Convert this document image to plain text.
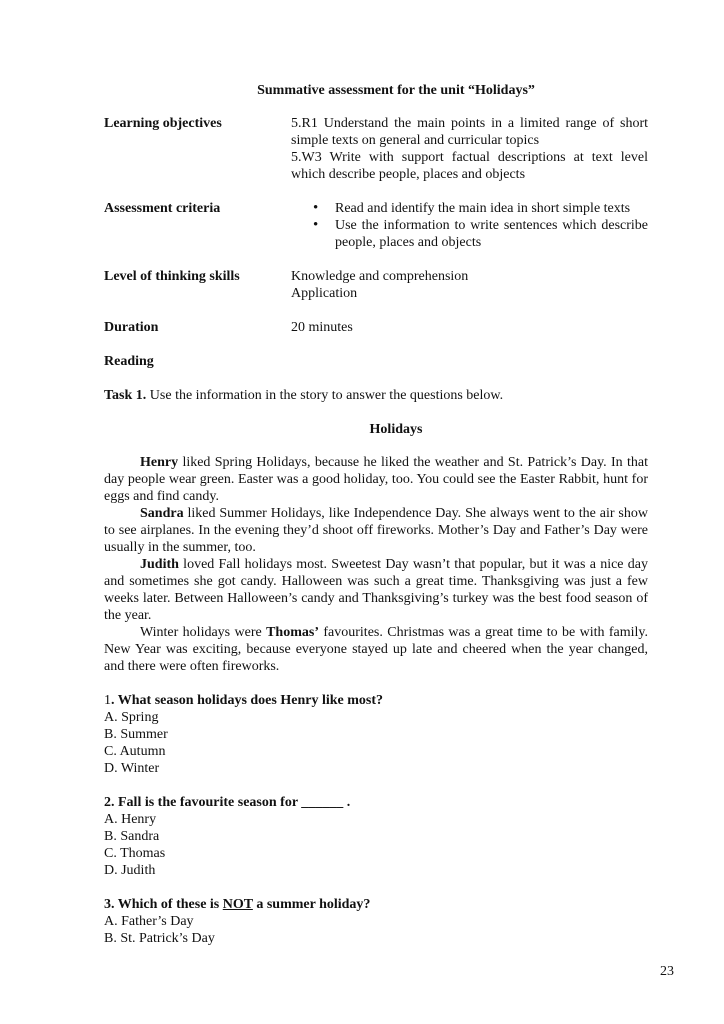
Summative assessment for the unit “Holidays”
Learning objectives	5.R1 Understand the main points in a limited range of short simple texts on general and curricular topics
5.W3 Write with support factual descriptions at text level which describe people, places and objects
Assessment criteria
•	Read and identify the main idea in short simple texts
• Use the information to write sentences which describe people, places and objects
Level of thinking skills	Knowledge and comprehension
Application
Duration	20 minutes
Reading
Task 1. Use the information in the story to answer the questions below.
Holidays

Henry liked Spring Holidays, because he liked the weather and St. Patrick’s Day. In that day people wear green. Easter was a good holiday, too. You could see the Easter Rabbit, hunt for eggs and find candy.

Sandra liked Summer Holidays, like Independence Day. She always went to the air show to see airplanes. In the evening they’d shoot off fireworks. Mother’s Day and Father’s Day were usually in the summer, too.

Judith loved Fall holidays most. Sweetest Day wasn’t that popular, but it was a nice day and sometimes she got candy. Halloween was such a great time. Thanksgiving was just a few weeks later. Between Halloween’s candy and Thanksgiving’s turkey was the best food season of the year.

Winter holidays were Thomas’ favourites. Christmas was a great time to be with family. New Year was exciting, because everyone stayed up late and cheered when the year changed, and there were often fireworks.

1. What season holidays does Henry like most?
A. Spring
B. Summer
C. Autumn
D. Winter
2. Fall is the favourite season for ______ .
A. Henry
B. Sandra
C. Thomas
D. Judith
3. Which of these is NOT a summer holiday?
A. Father’s Day
B. St. Patrick’s Day
23
